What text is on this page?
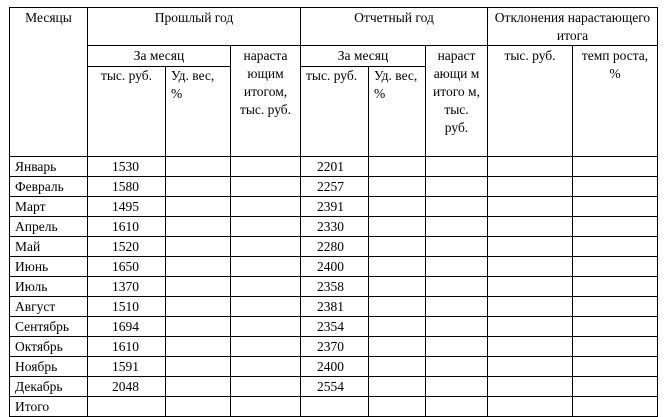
Месяцы	Прошлый год			Отчетный год			Отклонения нарастающего итога	
	За месяц		нараста ющим итогом, тыс. руб.	За месяц		нараст ающи м итого м, тыс. руб.	тыс. руб.	темп роста, %
	тыс. руб.	Уд. вес, %		тыс. руб.	Уд. вес, %			
Январь	1530			2201				
Февраль	1580			2257				
Март	1495			2391				
Апрель	1610			2330				
Май	1520			2280				
Июнь	1650			2400				
Июль	1370			2358				
Август	1510			2381				
Сентябрь	1694			2354				
Октябрь	1610			2370				
Ноябрь	1591			2400				
Декабрь	2048			2554				
Итого								
